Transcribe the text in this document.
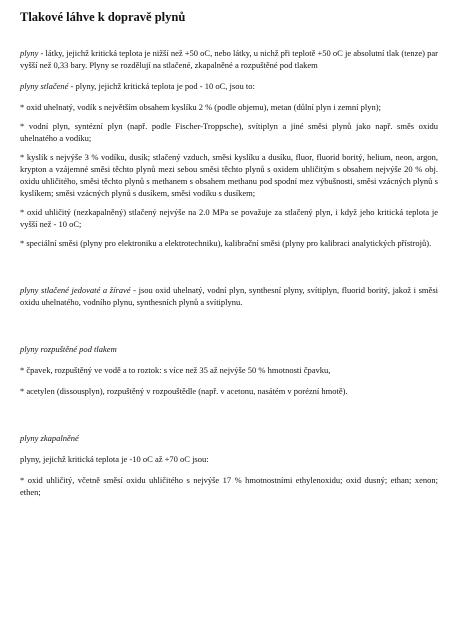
Tlakové láhve k dopravě plynů

plyny - látky, jejichž kritická teplota je nižší než +50 oC, nebo látky, u nichž při teplotě +50 oC je absolutní tlak (tenze) par vyšší než 0,33 bary. Plyny se rozdělují na stlačené, zkapalněné a rozpuštěné pod tlakem

plyny stlačené - plyny, jejichž kritická teplota je pod - 10 oC, jsou to:

* oxid uhelnatý, vodík s největším obsahem kyslíku 2 % (podle objemu), metan (důlní plyn i zemní plyn);

* vodní plyn, syntézní plyn (např. podle Fischer-Troppsche), svítiplyn a jiné směsi plynů jako např. směs oxidu uhelnatého a vodíku;

* kyslík s nejvýše 3 % vodíku, dusík; stlačený vzduch, směsi kyslíku a dusíku, fluor, fluorid boritý, helium, neon, argon, krypton a vzájemné směsi těchto plynů mezi sebou směsi těchto plynů s oxidem uhličitým s obsahem nejvýše 20 % obj. oxidu uhličitého, směsi těchto plynů s methanem s obsahem methanu pod spodní mez výbušnosti, směsi vzácných plynů s kyslíkem; směsi vzácných plynů s dusíkem, směsi vodíku s dusíkem;

* oxid uhličitý (nezkapalněný) stlačený nejvýše na 2.0 MPa se považuje za stlačený plyn, i když jeho kritická teplota je vyšší než - 10 oC;

* speciální směsi (plyny pro elektroniku a elektrotechniku), kalibrační směsi (plyny pro kalibraci analytických přístrojů).

plyny stlačené jedovaté a žíravé - jsou oxid uhelnatý, vodní plyn, synthesní plyny, svítiplyn, fluorid boritý, jakož i směsi oxidu uhelnatého, vodního plynu, synthesních plynů a svítiplynu.

plyny rozpuštěné pod tlakem

* čpavek, rozpuštěný ve vodě a to roztok: s více než 35 až nejvýše 50 % hmotnosti čpavku,

* acetylen (dissousplyn), rozpuštěný v rozpouštědle (např. v acetonu, nasátém v porézní hmotě).

plyny zkapalněné

plyny, jejichž kritická teplota je -10 oC až +70 oC jsou:

* oxid uhličitý, včetně směsí oxidu uhličitého s nejvýše 17 % hmotnostními ethylenoxidu; oxid dusný; ethan; xenon; ethen;
